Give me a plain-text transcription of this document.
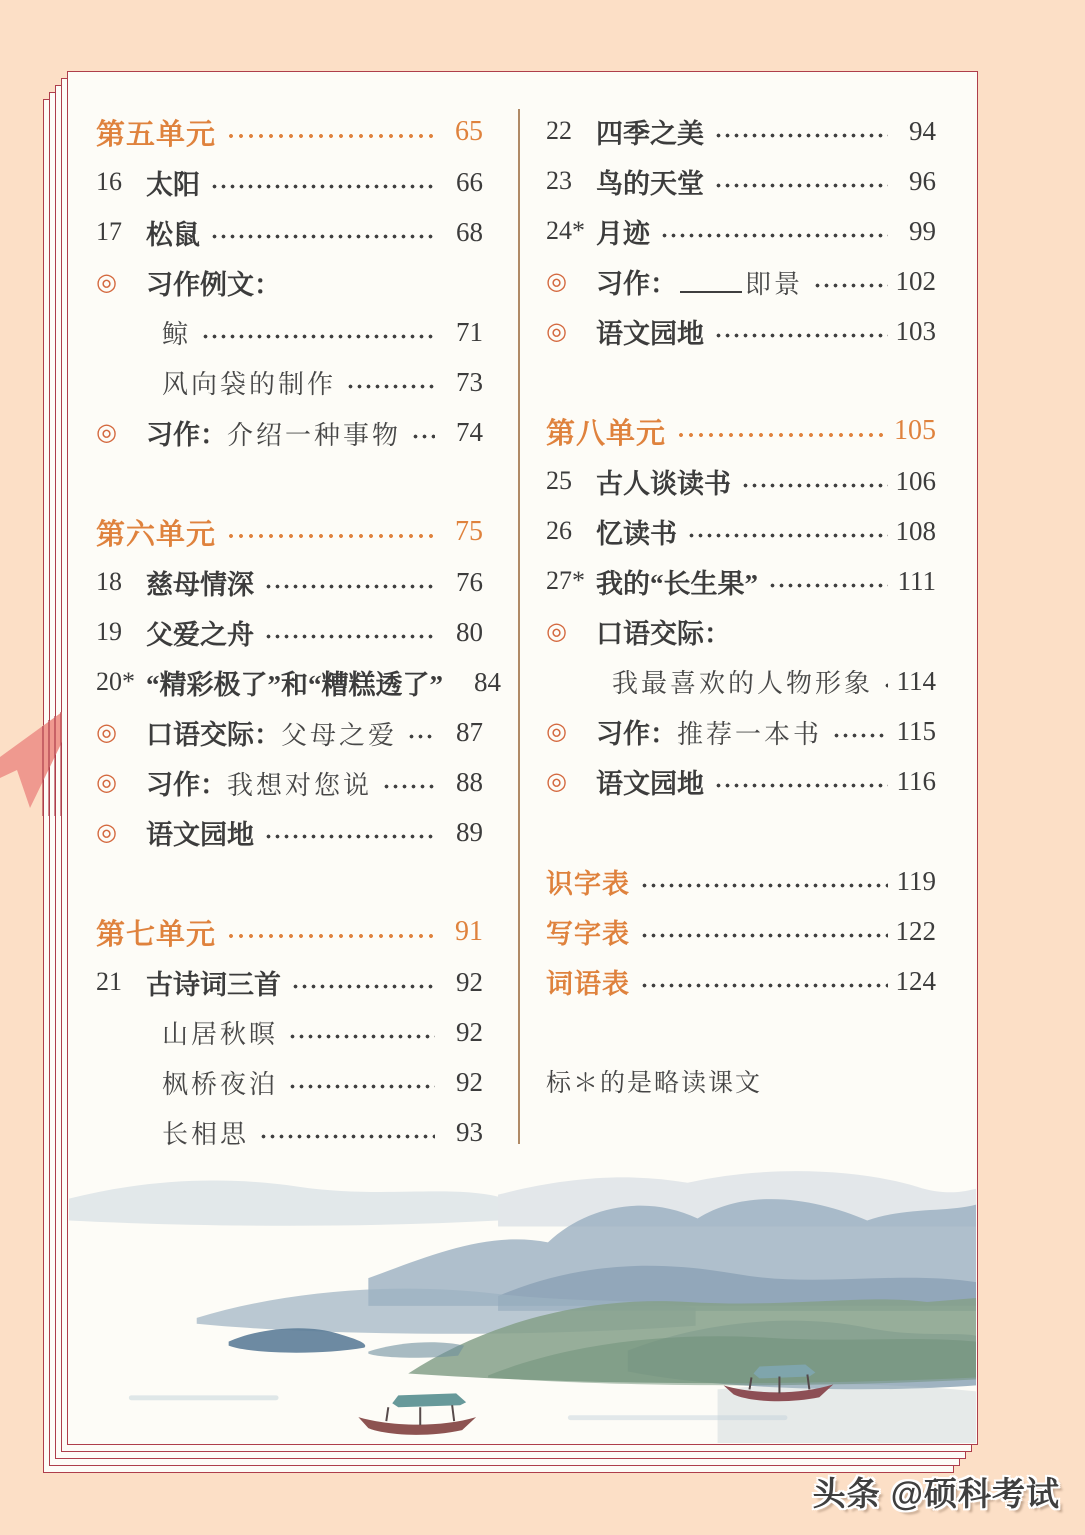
第五单元	65
16 太阳	66
17 松鼠	68
◎	习作例文：
鲸	71
风向袋的制作	73
◎	习作： 介绍一种事物	74
第六单元	75
18 慈母情深	76
19 父爱之舟	80
20* “精彩极了”和“糟糕透了”	84
◎	口语交际： 父母之爱	87
◎	习作： 我想对您说	88
◎	语文园地	89
第七单元	91
21 古诗词三首	92
山居秋暝	92
枫桥夜泊	92
长相思	93
22 四季之美	94
23 鸟的天堂	96
24* 月迹	99
◎	习作：	即景	102
◎	语文园地	103
第八单元	105
25 古人谈读书	106
26 忆读书	108
27* 我的“长生果”	111
◎	口语交际：
我最喜欢的人物形象 114
◎	习作： 推荐一本书	115
◎	语文园地	116
识字表	119
写字表	122
词语表	124
标＊的是略读课文
头条 @硕科考试
